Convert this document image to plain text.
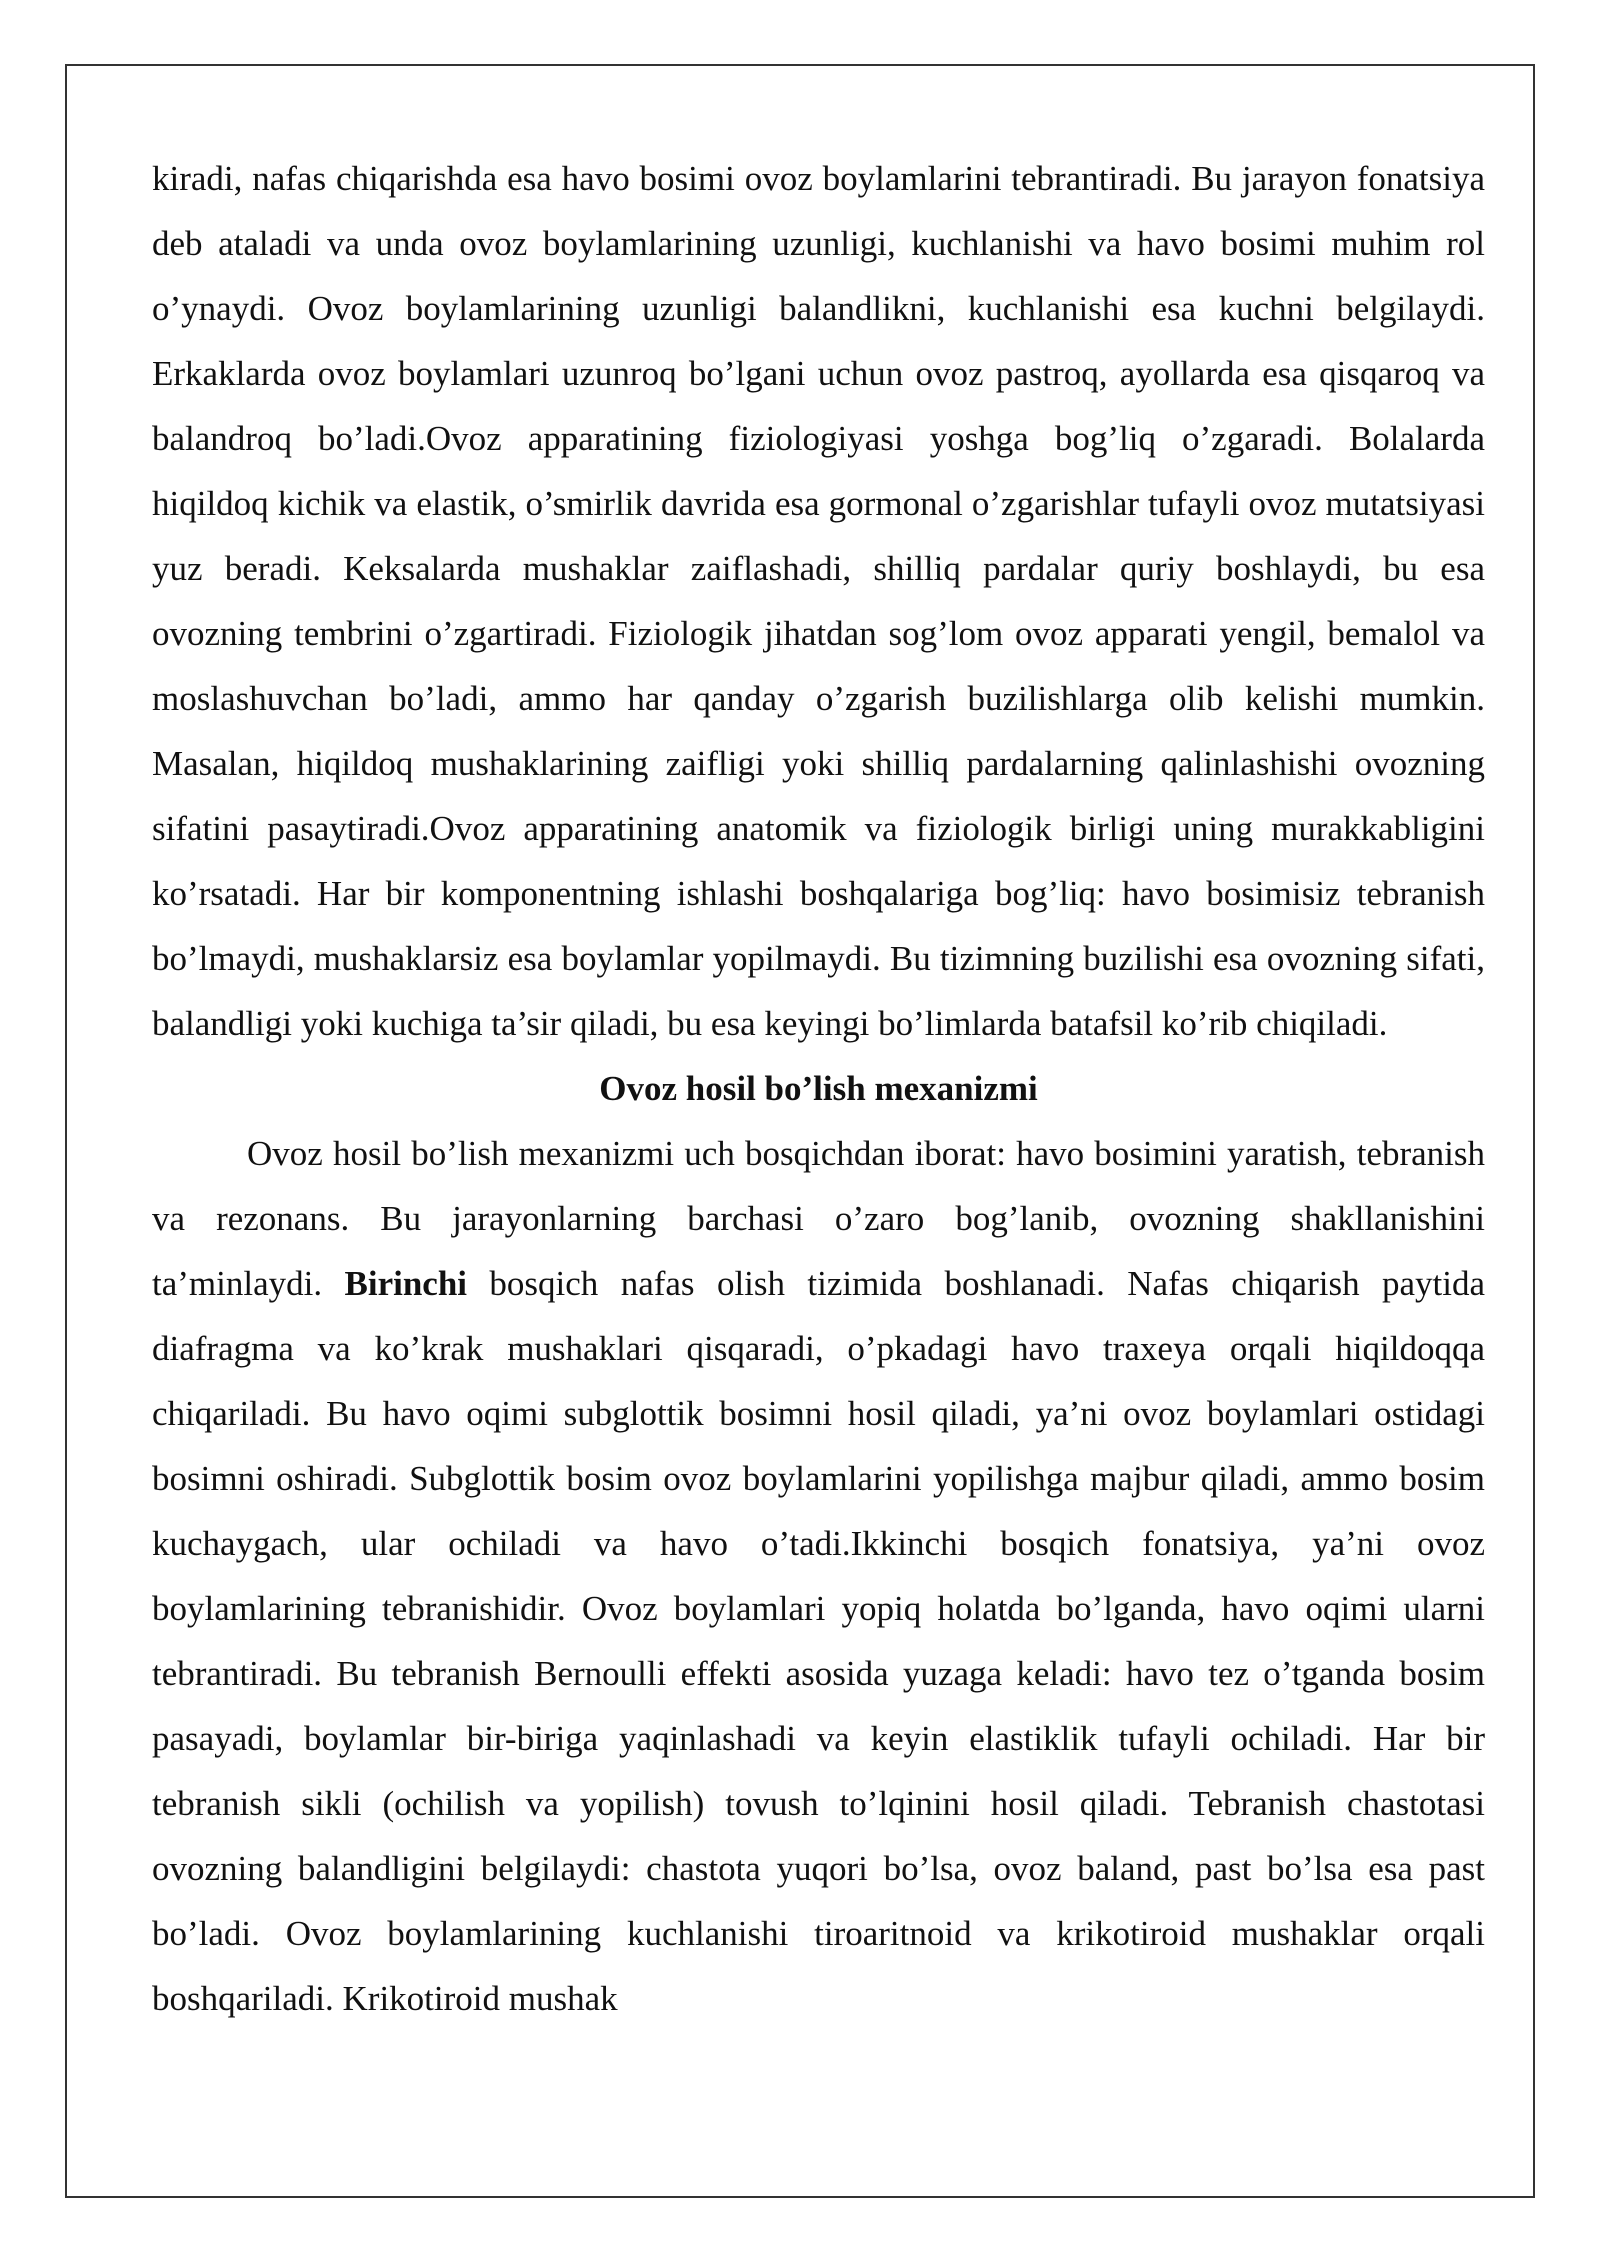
kiradi, nafas chiqarishda esa havo bosimi ovoz boylamlarini tebrantiradi. Bu jarayon fonatsiya deb ataladi va unda ovoz boylamlarining uzunligi, kuchlanishi va havo bosimi muhim rol o’ynaydi. Ovoz boylamlarining uzunligi balandlikni, kuchlanishi esa kuchni belgilaydi. Erkaklarda ovoz boylamlari uzunroq bo’lgani uchun ovoz pastroq, ayollarda esa qisqaroq va balandroq bo’ladi.Ovoz apparatining fiziologiyasi yoshga bog’liq o’zgaradi. Bolalarda hiqildoq kichik va elastik, o’smirlik davrida esa gormonal o’zgarishlar tufayli ovoz mutatsiyasi yuz beradi. Keksalarda mushaklar zaiflashadi, shilliq pardalar quriy boshlaydi, bu esa ovozning tembrini o’zgartiradi. Fiziologik jihatdan sog’lom ovoz apparati yengil, bemalol va moslashuvchan bo’ladi, ammo har qanday o’zgarish buzilishlarga olib kelishi mumkin. Masalan, hiqildoq mushaklarining zaifligi yoki shilliq pardalarning qalinlashishi ovozning sifatini pasaytiradi.Ovoz apparatining anatomik va fiziologik birligi uning murakkabligini ko’rsatadi. Har bir komponentning ishlashi boshqalariga bog’liq: havo bosimisiz tebranish bo’lmaydi, mushaklarsiz esa boylamlar yopilmaydi. Bu tizimning buzilishi esa ovozning sifati, balandligi yoki kuchiga ta’sir qiladi, bu esa keyingi bo’limlarda batafsil ko’rib chiqiladi.

Ovoz hosil bo’lish mexanizmi

Ovoz hosil bo’lish mexanizmi uch bosqichdan iborat: havo bosimini yaratish, tebranish va rezonans. Bu jarayonlarning barchasi o’zaro bog’lanib, ovozning shakllanishini ta’minlaydi. Birinchi bosqich nafas olish tizimida boshlanadi. Nafas chiqarish paytida diafragma va ko’krak mushaklari qisqaradi, o’pkadagi havo traxeya orqali hiqildoqqa chiqariladi. Bu havo oqimi subglottik bosimni hosil qiladi, ya’ni ovoz boylamlari ostidagi bosimni oshiradi. Subglottik bosim ovoz boylamlarini yopilishga majbur qiladi, ammo bosim kuchaygach, ular ochiladi va havo o’tadi.Ikkinchi bosqich fonatsiya, ya’ni ovoz boylamlarining tebranishidir. Ovoz boylamlari yopiq holatda bo’lganda, havo oqimi ularni tebrantiradi. Bu tebranish Bernoulli effekti asosida yuzaga keladi: havo tez o’tganda bosim pasayadi, boylamlar bir-biriga yaqinlashadi va keyin elastiklik tufayli ochiladi. Har bir tebranish sikli (ochilish va yopilish) tovush to’lqinini hosil qiladi. Tebranish chastotasi ovozning balandligini belgilaydi: chastota yuqori bo’lsa, ovoz baland, past bo’lsa esa past bo’ladi. Ovoz boylamlarining kuchlanishi tiroaritnoid va krikotiroid mushaklar orqali boshqariladi. Krikotiroid mushak
